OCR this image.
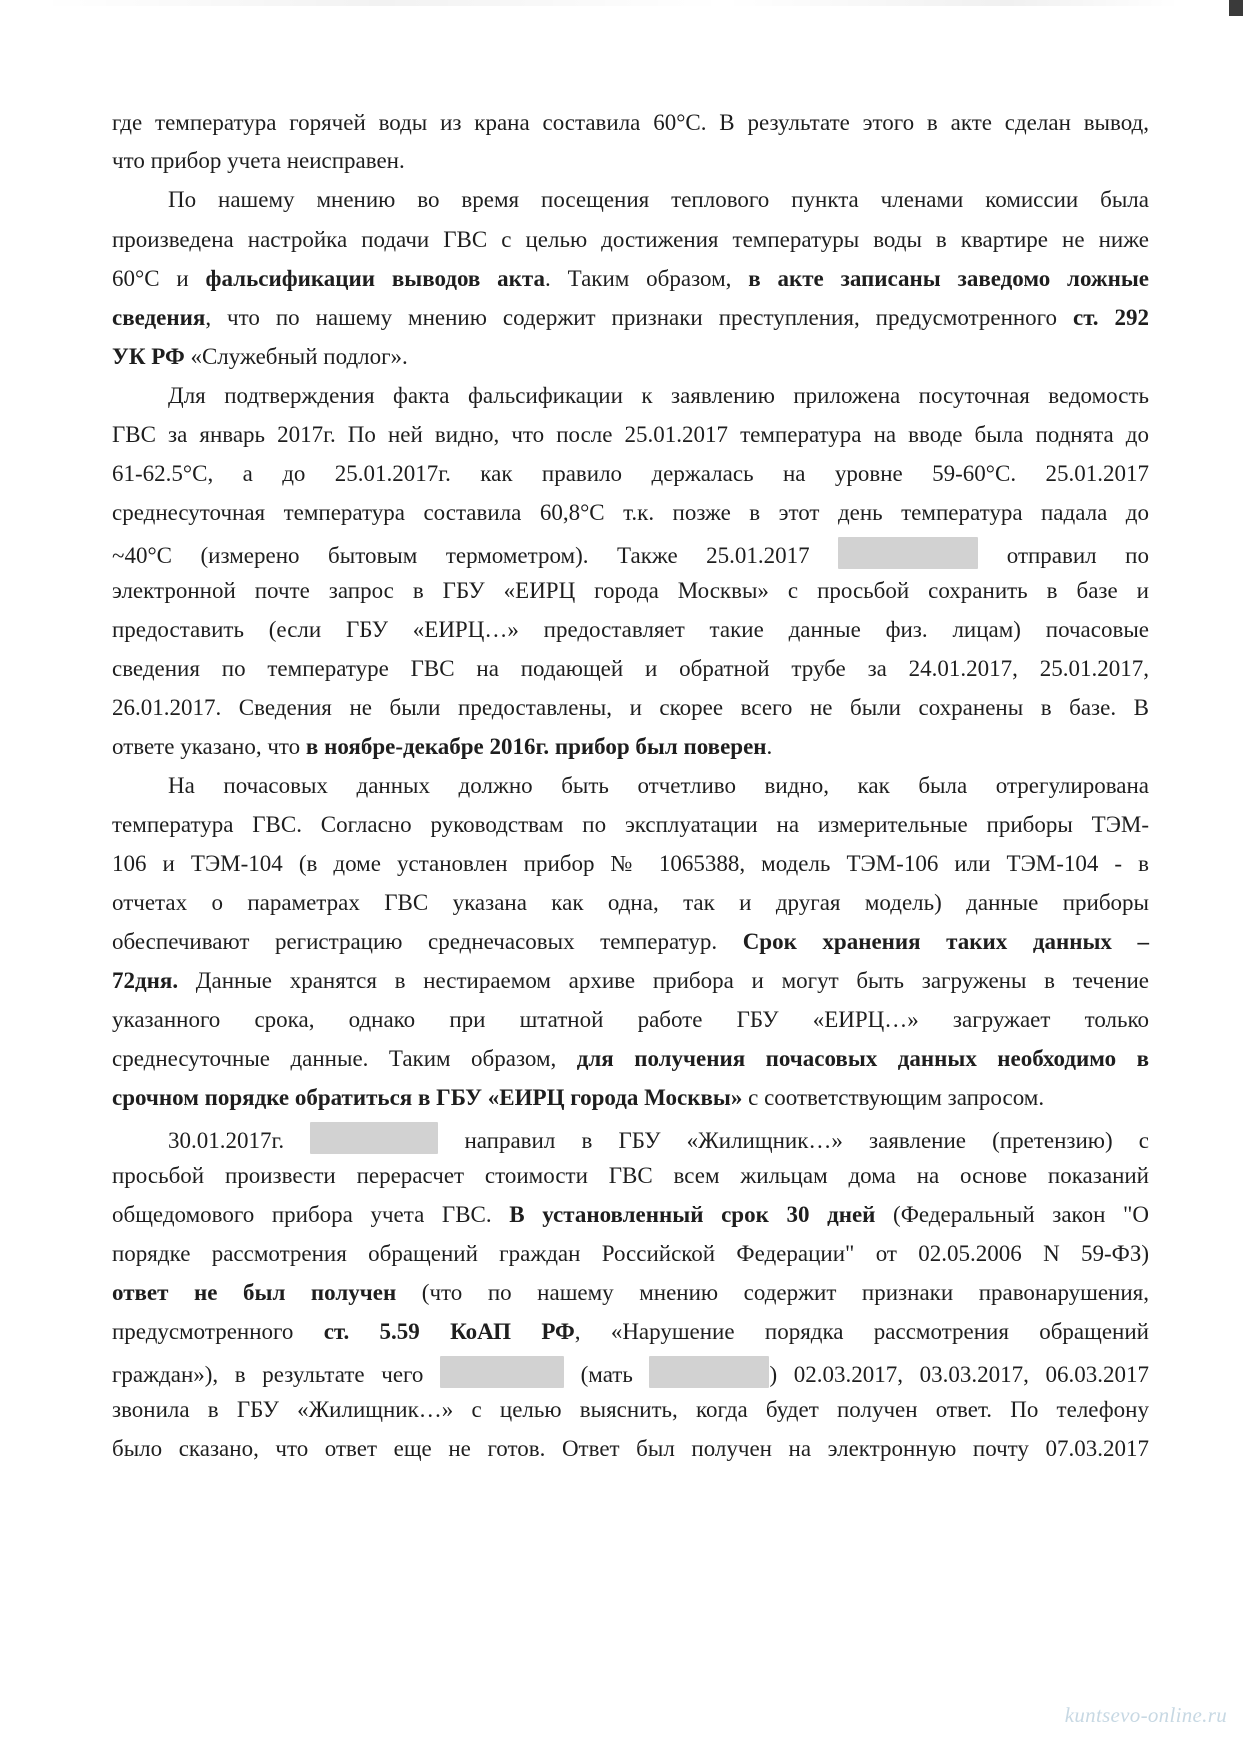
где температура горячей воды из крана составила 60°С. В результате этого в акте сделан вывод,
что прибор учета неисправен.
По нашему мнению во время посещения теплового пункта членами комиссии была
произведена настройка подачи ГВС с целью достижения температуры воды в квартире не ниже
60°С и фальсификации выводов акта. Таким образом, в акте записаны заведомо ложные
сведения, что по нашему мнению содержит признаки преступления, предусмотренного ст. 292
УК РФ «Служебный подлог».
Для подтверждения факта фальсификации к заявлению приложена посуточная ведомость
ГВС за январь 2017г. По ней видно, что после 25.01.2017 температура на вводе была поднята до
61-62.5°С, а до 25.01.2017г. как правило держалась на уровне 59-60°С. 25.01.2017
среднесуточная температура составила 60,8°С т.к. позже в этот день температура падала до
~40°С (измерено бытовым термометром). Также 25.01.2017	отправил по
электронной почте запрос в ГБУ «ЕИРЦ города Москвы» с просьбой сохранить в базе и
предоставить (если ГБУ «ЕИРЦ…» предоставляет такие данные физ. лицам) почасовые
сведения по температуре ГВС на подающей и обратной трубе за 24.01.2017, 25.01.2017,
26.01.2017. Сведения не были предоставлены, и скорее всего не были сохранены в базе. В
ответе указано, что в ноябре-декабре 2016г. прибор был поверен.
На почасовых данных должно быть отчетливо видно, как была отрегулирована
температура ГВС. Согласно руководствам по эксплуатации на измерительные приборы ТЭМ-
106 и ТЭМ-104 (в доме установлен прибор № 1065388, модель ТЭМ-106 или ТЭМ-104 - в
отчетах о параметрах ГВС указана как одна, так и другая модель) данные приборы
обеспечивают регистрацию среднечасовых температур. Срок хранения таких данных –
72дня. Данные хранятся в нестираемом архиве прибора и могут быть загружены в течение
указанного срока, однако при штатной работе ГБУ «ЕИРЦ…» загружает только
среднесуточные данные. Таким образом, для получения почасовых данных необходимо в
срочном порядке обратиться в ГБУ «ЕИРЦ города Москвы» с соответствующим запросом.
30.01.2017г.	направил в ГБУ «Жилищник…» заявление (претензию) с
просьбой произвести перерасчет стоимости ГВС всем жильцам дома на основе показаний
общедомового прибора учета ГВС. В установленный срок 30 дней (Федеральный закон "О
порядке рассмотрения обращений граждан Российской Федерации" от 02.05.2006 N 59-ФЗ)
ответ не был получен (что по нашему мнению содержит признаки правонарушения,
предусмотренного ст. 5.59 КоАП РФ, «Нарушение порядка рассмотрения обращений
граждан»), в результате чего	(мать	) 02.03.2017, 03.03.2017, 06.03.2017
звонила в ГБУ «Жилищник…» с целью выяснить, когда будет получен ответ. По телефону
было сказано, что ответ еще не готов. Ответ был получен на электронную почту 07.03.2017
kuntsevo-online.ru
